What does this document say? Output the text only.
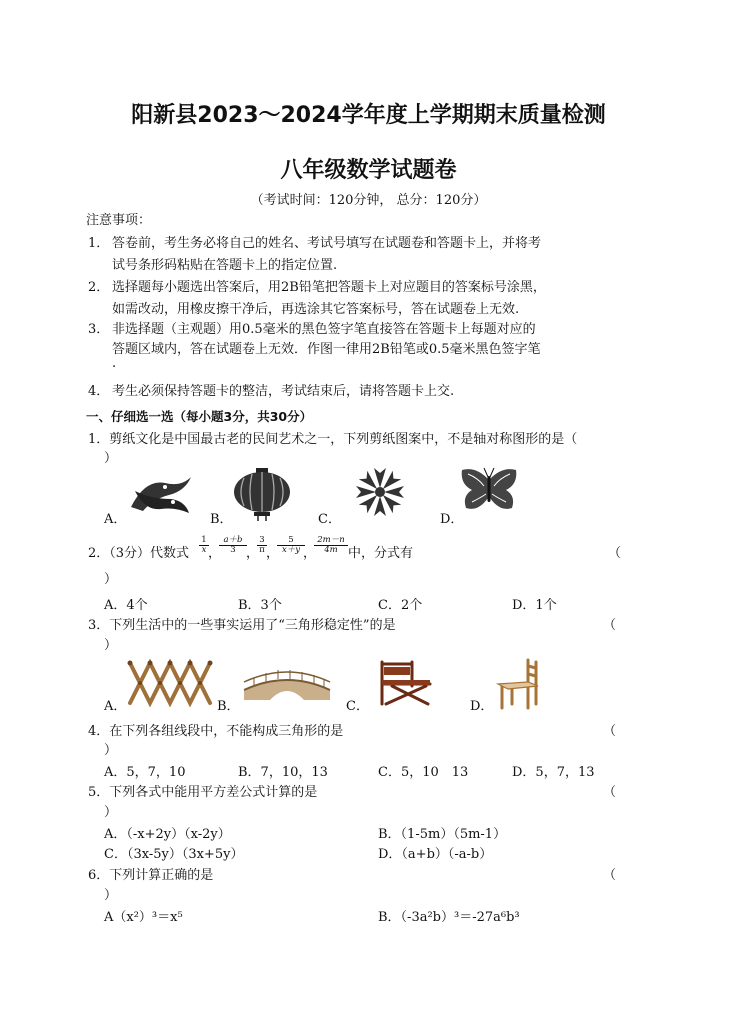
阳新县2023～2024学年度上学期期末质量检测
八年级数学试题卷
（考试时间：120分钟， 总分：120分）
注意事项：
1． 答卷前，考生务必将自己的姓名、考试号填写在试题卷和答题卡上，并将考
试号条形码粘贴在答题卡上的指定位置.
2． 选择题每小题选出答案后，用2B铅笔把答题卡上对应题目的答案标号涂黑，
如需改动，用橡皮擦干净后，再选涂其它答案标号，答在试题卷上无效.
3． 非选择题（主观题）用0.5毫米的黑色签字笔直接答在答题卡上每题对应的
答题区域内，答在试题卷上无效．作图一律用2B铅笔或0.5毫米黑色签字笔
.
4． 考生必须保持答题卡的整洁，考试结束后，请将答题卡上交.
一、仔细选一选（每小题3分，共30分）
1．剪纸文化是中国最古老的民间艺术之一，下列剪纸图案中，不是轴对称图形的是（
）
A．	B．	C．	D．
2．（3分）代数式 $\frac{1}{x}$ ，
$\frac{a+b}{3}$ ，
$\frac{3}{\pi}$ ，
$\frac{5}{x+y}$
，
$\frac{2m-n}{4m}$ 中，分式有	（
）
A．4个	B．3个	C．2个	D．1个
3．下列生活中的一些事实运用了“三角形稳定性”的是	（
）
A．	B．	C．	D．
4．在下列各组线段中，不能构成三角形的是	（
）
A．5，7，10	B．7，10，13	C．5，10　13	D．5，7，13
5．下列各式中能用平方差公式计算的是	（
）
A．（-x+2y）（x-2y）	B．（1-5m）（5m-1）
C．（3x-5y）（3x+5y）	D．（a+b）（-a-b）
6．下列计算正确的是	（
）
A（x²）³＝x⁵	B．（-3a²b）³＝-27a⁶b³
